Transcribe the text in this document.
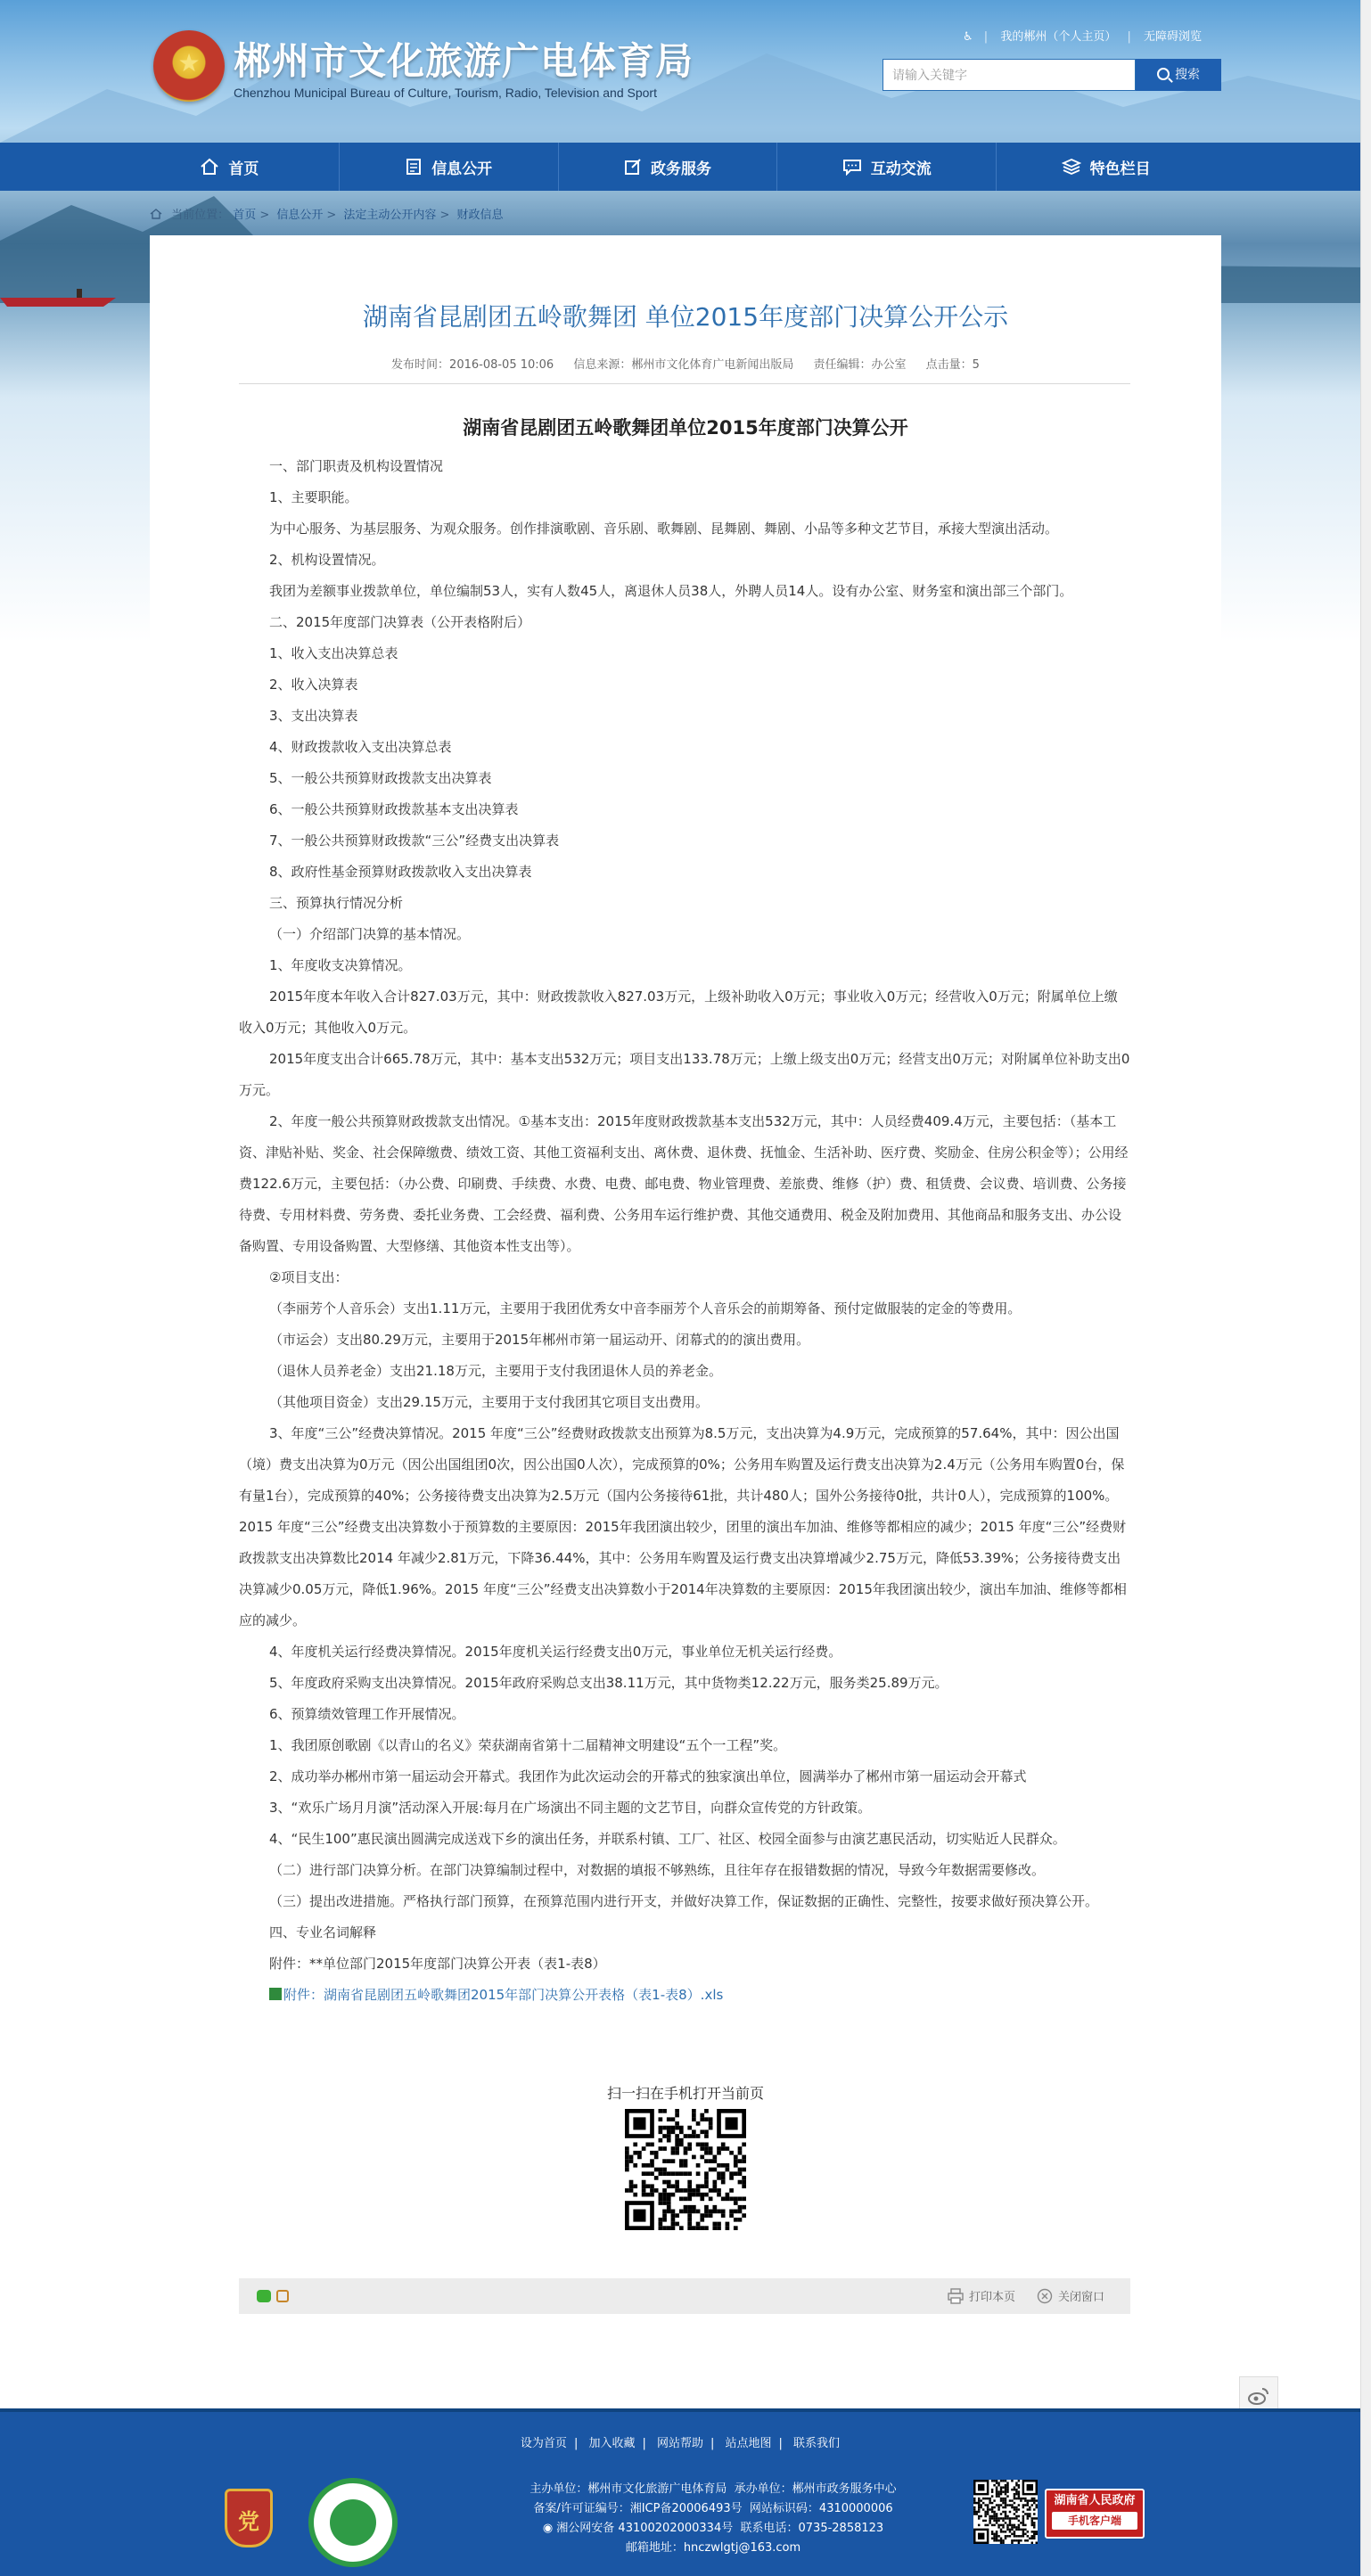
★ 郴州市文化旅游广电体育局
Chenzhou Municipal Bureau of Culture, Tourism, Radio, Television and Sport
♿ | 我的郴州（个人主页） | 无障碍浏览
请输入关键字	搜索
首页	信息公开	政务服务	互动交流	特色栏目
当前位置： 首页 > 信息公开 > 法定主动公开内容 > 财政信息
湖南省昆剧团五岭歌舞团 单位2015年度部门决算公开公示
发布时间：2016-08-05 10:06 信息来源：郴州市文化体育广电新闻出版局 责任编辑：办公室 点击量：5
湖南省昆剧团五岭歌舞团单位2015年度部门决算公开

一、部门职责及机构设置情况

1、主要职能。

为中心服务、为基层服务、为观众服务。创作排演歌剧、音乐剧、歌舞剧、昆舞剧、舞剧、小品等多种文艺节目，承接大型演出活动。

2、机构设置情况。

我团为差额事业拨款单位，单位编制53人，实有人数45人，离退休人员38人，外聘人员14人。设有办公室、财务室和演出部三个部门。

二、2015年度部门决算表（公开表格附后）

1、收入支出决算总表

2、收入决算表

3、支出决算表

4、财政拨款收入支出决算总表

5、一般公共预算财政拨款支出决算表

6、一般公共预算财政拨款基本支出决算表

7、一般公共预算财政拨款“三公”经费支出决算表

8、政府性基金预算财政拨款收入支出决算表

三、预算执行情况分析

（一）介绍部门决算的基本情况。

1、年度收支决算情况。

2015年度本年收入合计827.03万元，其中：财政拨款收入827.03万元，上级补助收入0万元；事业收入0万元；经营收入0万元；附属单位上缴收入0万元；其他收入0万元。

2015年度支出合计665.78万元，其中：基本支出532万元；项目支出133.78万元；上缴上级支出0万元；经营支出0万元；对附属单位补助支出0万元。

2、年度一般公共预算财政拨款支出情况。①基本支出：2015年度财政拨款基本支出532万元，其中：人员经费409.4万元，主要包括：（基本工资、津贴补贴、奖金、社会保障缴费、绩效工资、其他工资福利支出、离休费、退休费、抚恤金、生活补助、医疗费、奖励金、住房公积金等）；公用经费122.6万元，主要包括：（办公费、印刷费、手续费、水费、电费、邮电费、物业管理费、差旅费、维修（护）费、租赁费、会议费、培训费、公务接待费、专用材料费、劳务费、委托业务费、工会经费、福利费、公务用车运行维护费、其他交通费用、税金及附加费用、其他商品和服务支出、办公设备购置、专用设备购置、大型修缮、其他资本性支出等）。

②项目支出：

（李丽芳个人音乐会）支出1.11万元，主要用于我团优秀女中音李丽芳个人音乐会的前期筹备、预付定做服装的定金的等费用。

（市运会）支出80.29万元，主要用于2015年郴州市第一届运动开、闭幕式的的演出费用。

（退休人员养老金）支出21.18万元，主要用于支付我团退休人员的养老金。

（其他项目资金）支出29.15万元，主要用于支付我团其它项目支出费用。

3、年度“三公”经费决算情况。2015 年度“三公”经费财政拨款支出预算为8.5万元，支出决算为4.9万元，完成预算的57.64%，其中：因公出国（境）费支出决算为0万元（因公出国组团0次，因公出国0人次），完成预算的0%；公务用车购置及运行费支出决算为2.4万元（公务用车购置0台，保有量1台），完成预算的40%；公务接待费支出决算为2.5万元（国内公务接待61批，共计480人；国外公务接待0批，共计0人），完成预算的100%。2015 年度“三公”经费支出决算数小于预算数的主要原因：2015年我团演出较少，团里的演出车加油、维修等都相应的减少；2015 年度“三公”经费财政拨款支出决算数比2014 年减少2.81万元，下降36.44%，其中：公务用车购置及运行费支出决算增减少2.75万元，降低53.39%；公务接待费支出决算减少0.05万元，降低1.96%。2015 年度“三公”经费支出决算数小于2014年决算数的主要原因：2015年我团演出较少，演出车加油、维修等都相应的减少。

4、年度机关运行经费决算情况。2015年度机关运行经费支出0万元，事业单位无机关运行经费。

5、年度政府采购支出决算情况。2015年政府采购总支出38.11万元，其中货物类12.22万元，服务类25.89万元。

6、预算绩效管理工作开展情况。

1、我团原创歌剧《以青山的名义》荣获湖南省第十二届精神文明建设“五个一工程”奖。

2、成功举办郴州市第一届运动会开幕式。我团作为此次运动会的开幕式的独家演出单位，圆满举办了郴州市第一届运动会开幕式

3、“欢乐广场月月演”活动深入开展:每月在广场演出不同主题的文艺节目，向群众宣传党的方针政策。

4、“民生100”惠民演出圆满完成送戏下乡的演出任务，并联系村镇、工厂、社区、校园全面参与由演艺惠民活动，切实贴近人民群众。

（二）进行部门决算分析。在部门决算编制过程中，对数据的填报不够熟练，且往年存在报错数据的情况，导致今年数据需要修改。

（三）提出改进措施。严格执行部门预算，在预算范围内进行开支，并做好决算工作，保证数据的正确性、完整性，按要求做好预决算公开。

四、专业名词解释

附件：**单位部门2015年度部门决算公开表（表1-表8）

x附件：湖南省昆剧团五岭歌舞团2015年部门决算公开表格（表1-表8）.xls

扫一扫在手机打开当前页
打印本页	关闭窗口
设为首页 | 加入收藏 | 网站帮助 | 站点地图 | 联系我们
党
主办单位：郴州市文化旅游广电体育局 承办单位：郴州市政务服务中心
备案/许可证编号：湘ICP备20006493号 网站标识码：4310000006
◉ 湘公网安备 43100202000334号 联系电话：0735-2858123
邮箱地址：hnczwlgtj@163.com
湖南省人民政府
手机客户端
